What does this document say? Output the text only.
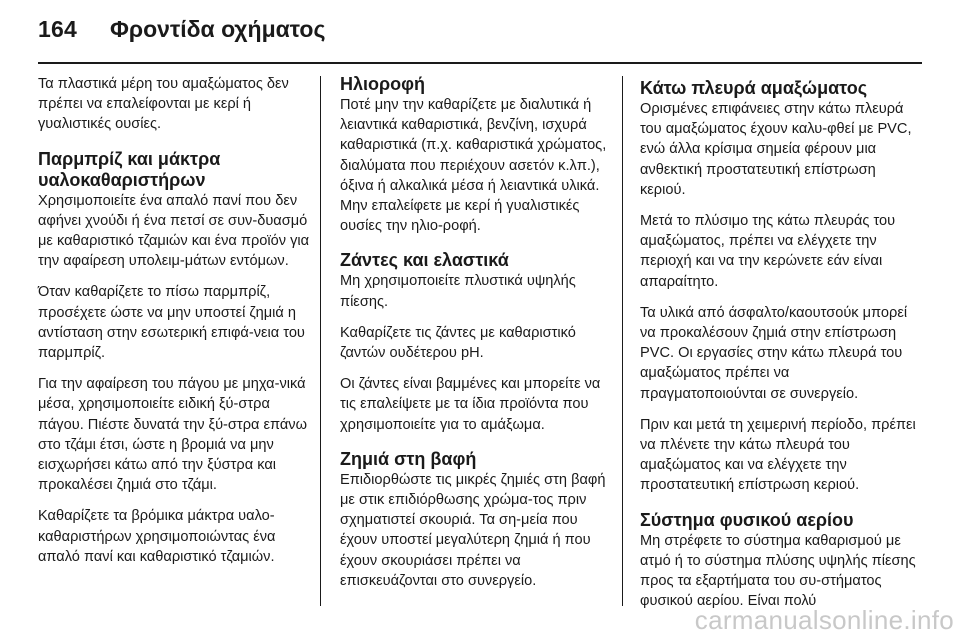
164 Φροντίδα οχήματος

Τα πλαστικά μέρη του αμαξώματος δεν πρέπει να επαλείφονται με κερί ή γυαλιστικές ουσίες.

Παρμπρίζ και μάκτρα υαλοκαθαριστήρων

Χρησιμοποιείτε ένα απαλό πανί που δεν αφήνει χνούδι ή ένα πετσί σε συν-δυασμό με καθαριστικό τζαμιών και ένα προϊόν για την αφαίρεση υπολειμ-μάτων εντόμων.

Όταν καθαρίζετε το πίσω παρμπρίζ, προσέχετε ώστε να μην υποστεί ζημιά η αντίσταση στην εσωτερική επιφά-νεια του παρμπρίζ.

Για την αφαίρεση του πάγου με μηχα-νικά μέσα, χρησιμοποιείτε ειδική ξύ-στρα πάγου. Πιέστε δυνατά την ξύ-στρα επάνω στο τζάμι έτσι, ώστε η βρομιά να μην εισχωρήσει κάτω από την ξύστρα και προκαλέσει ζημιά στο τζάμι.

Καθαρίζετε τα βρόμικα μάκτρα υαλο-καθαριστήρων χρησιμοποιώντας ένα απαλό πανί και καθαριστικό τζαμιών.

Ηλιοροφή

Ποτέ μην την καθαρίζετε με διαλυτικά ή λειαντικά καθαριστικά, βενζίνη, ισχυρά καθαριστικά (π.χ. καθαριστικά χρώματος, διαλύματα που περιέχουν ασετόν κ.λπ.), όξινα ή αλκαλικά μέσα ή λειαντικά υλικά. Μην επαλείφετε με κερί ή γυαλιστικές ουσίες την ηλιο-ροφή.

Ζάντες και ελαστικά

Μη χρησιμοποιείτε πλυστικά υψηλής πίεσης.

Καθαρίζετε τις ζάντες με καθαριστικό ζαντών ουδέτερου pH.

Οι ζάντες είναι βαμμένες και μπορείτε να τις επαλείψετε με τα ίδια προϊόντα που χρησιμοποιείτε για το αμάξωμα.

Ζημιά στη βαφή

Επιδιορθώστε τις μικρές ζημιές στη βαφή με στικ επιδιόρθωσης χρώμα-τος πριν σχηματιστεί σκουριά. Τα ση-μεία που έχουν υποστεί μεγαλύτερη ζημιά ή που έχουν σκουριάσει πρέπει να επισκευάζονται στο συνεργείο.

Κάτω πλευρά αμαξώματος

Ορισμένες επιφάνειες στην κάτω πλευρά του αμαξώματος έχουν καλυ-φθεί με PVC, ενώ άλλα κρίσιμα σημεία φέρουν μια ανθεκτική προστατευτική επίστρωση κεριού.

Μετά το πλύσιμο της κάτω πλευράς του αμαξώματος, πρέπει να ελέγχετε την περιοχή και να την κερώνετε εάν είναι απαραίτητο.

Τα υλικά από άσφαλτο/καουτσούκ μπορεί να προκαλέσουν ζημιά στην επίστρωση PVC. Οι εργασίες στην κάτω πλευρά του αμαξώματος πρέπει να πραγματοποιούνται σε συνεργείο.

Πριν και μετά τη χειμερινή περίοδο, πρέπει να πλένετε την κάτω πλευρά του αμαξώματος και να ελέγχετε την προστατευτική επίστρωση κεριού.

Σύστημα φυσικού αερίου

Μη στρέφετε το σύστημα καθαρισμού με ατμό ή το σύστημα πλύσης υψηλής πίεσης προς τα εξαρτήματα του συ-στήματος φυσικού αερίου. Είναι πολύ

carmanualsonline.info
